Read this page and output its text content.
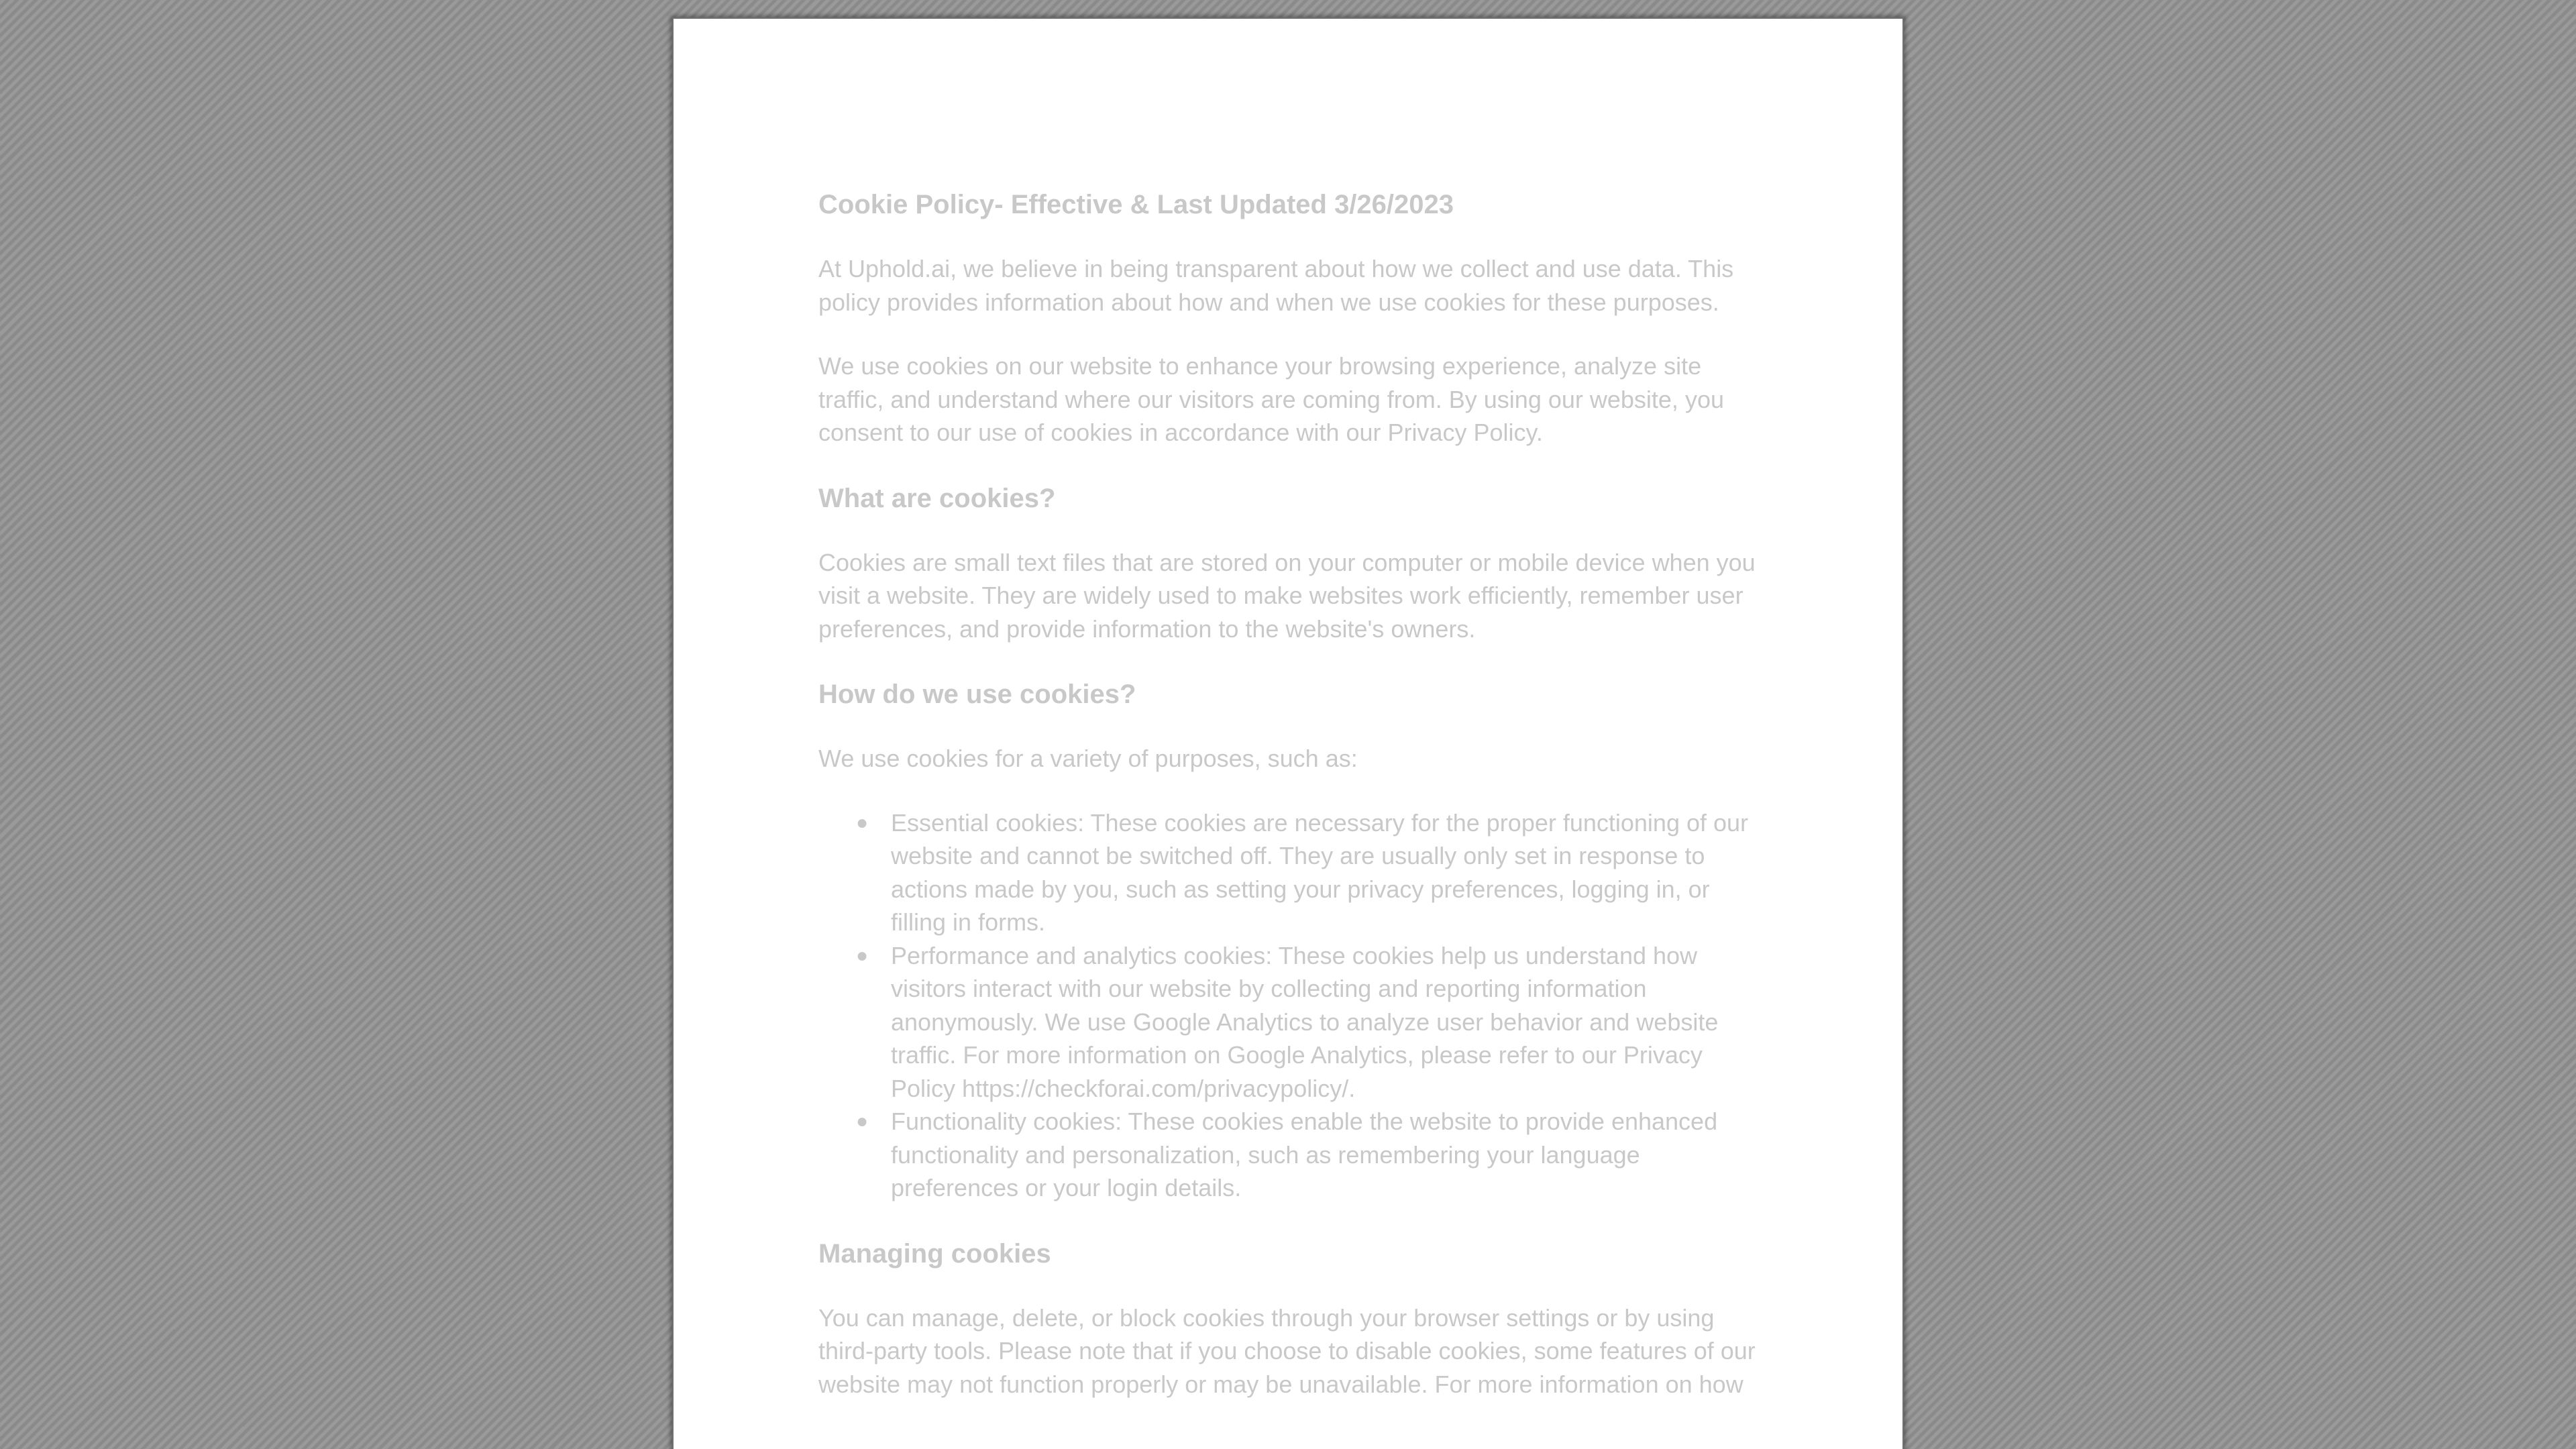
Cookie Policy- Effective & Last Updated 3/26/2023
At Uphold.ai, we believe in being transparent about how we collect and use data. This policy provides information about how and when we use cookies for these purposes.
We use cookies on our website to enhance your browsing experience, analyze site traffic, and understand where our visitors are coming from. By using our website, you consent to our use of cookies in accordance with our Privacy Policy.
What are cookies?
Cookies are small text files that are stored on your computer or mobile device when you visit a website. They are widely used to make websites work efficiently, remember user preferences, and provide information to the website's owners.
How do we use cookies?
We use cookies for a variety of purposes, such as:
● Essential cookies: These cookies are necessary for the proper functioning of our website and cannot be switched off. They are usually only set in response to actions made by you, such as setting your privacy preferences, logging in, or filling in forms.
● Performance and analytics cookies: These cookies help us understand how visitors interact with our website by collecting and reporting information anonymously. We use Google Analytics to analyze user behavior and website traffic. For more information on Google Analytics, please refer to our Privacy Policy https://checkforai.com/privacypolicy/.
● Functionality cookies: These cookies enable the website to provide enhanced functionality and personalization, such as remembering your language preferences or your login details.
Managing cookies
You can manage, delete, or block cookies through your browser settings or by using third-party tools. Please note that if you choose to disable cookies, some features of our website may not function properly or may be unavailable. For more information on how
